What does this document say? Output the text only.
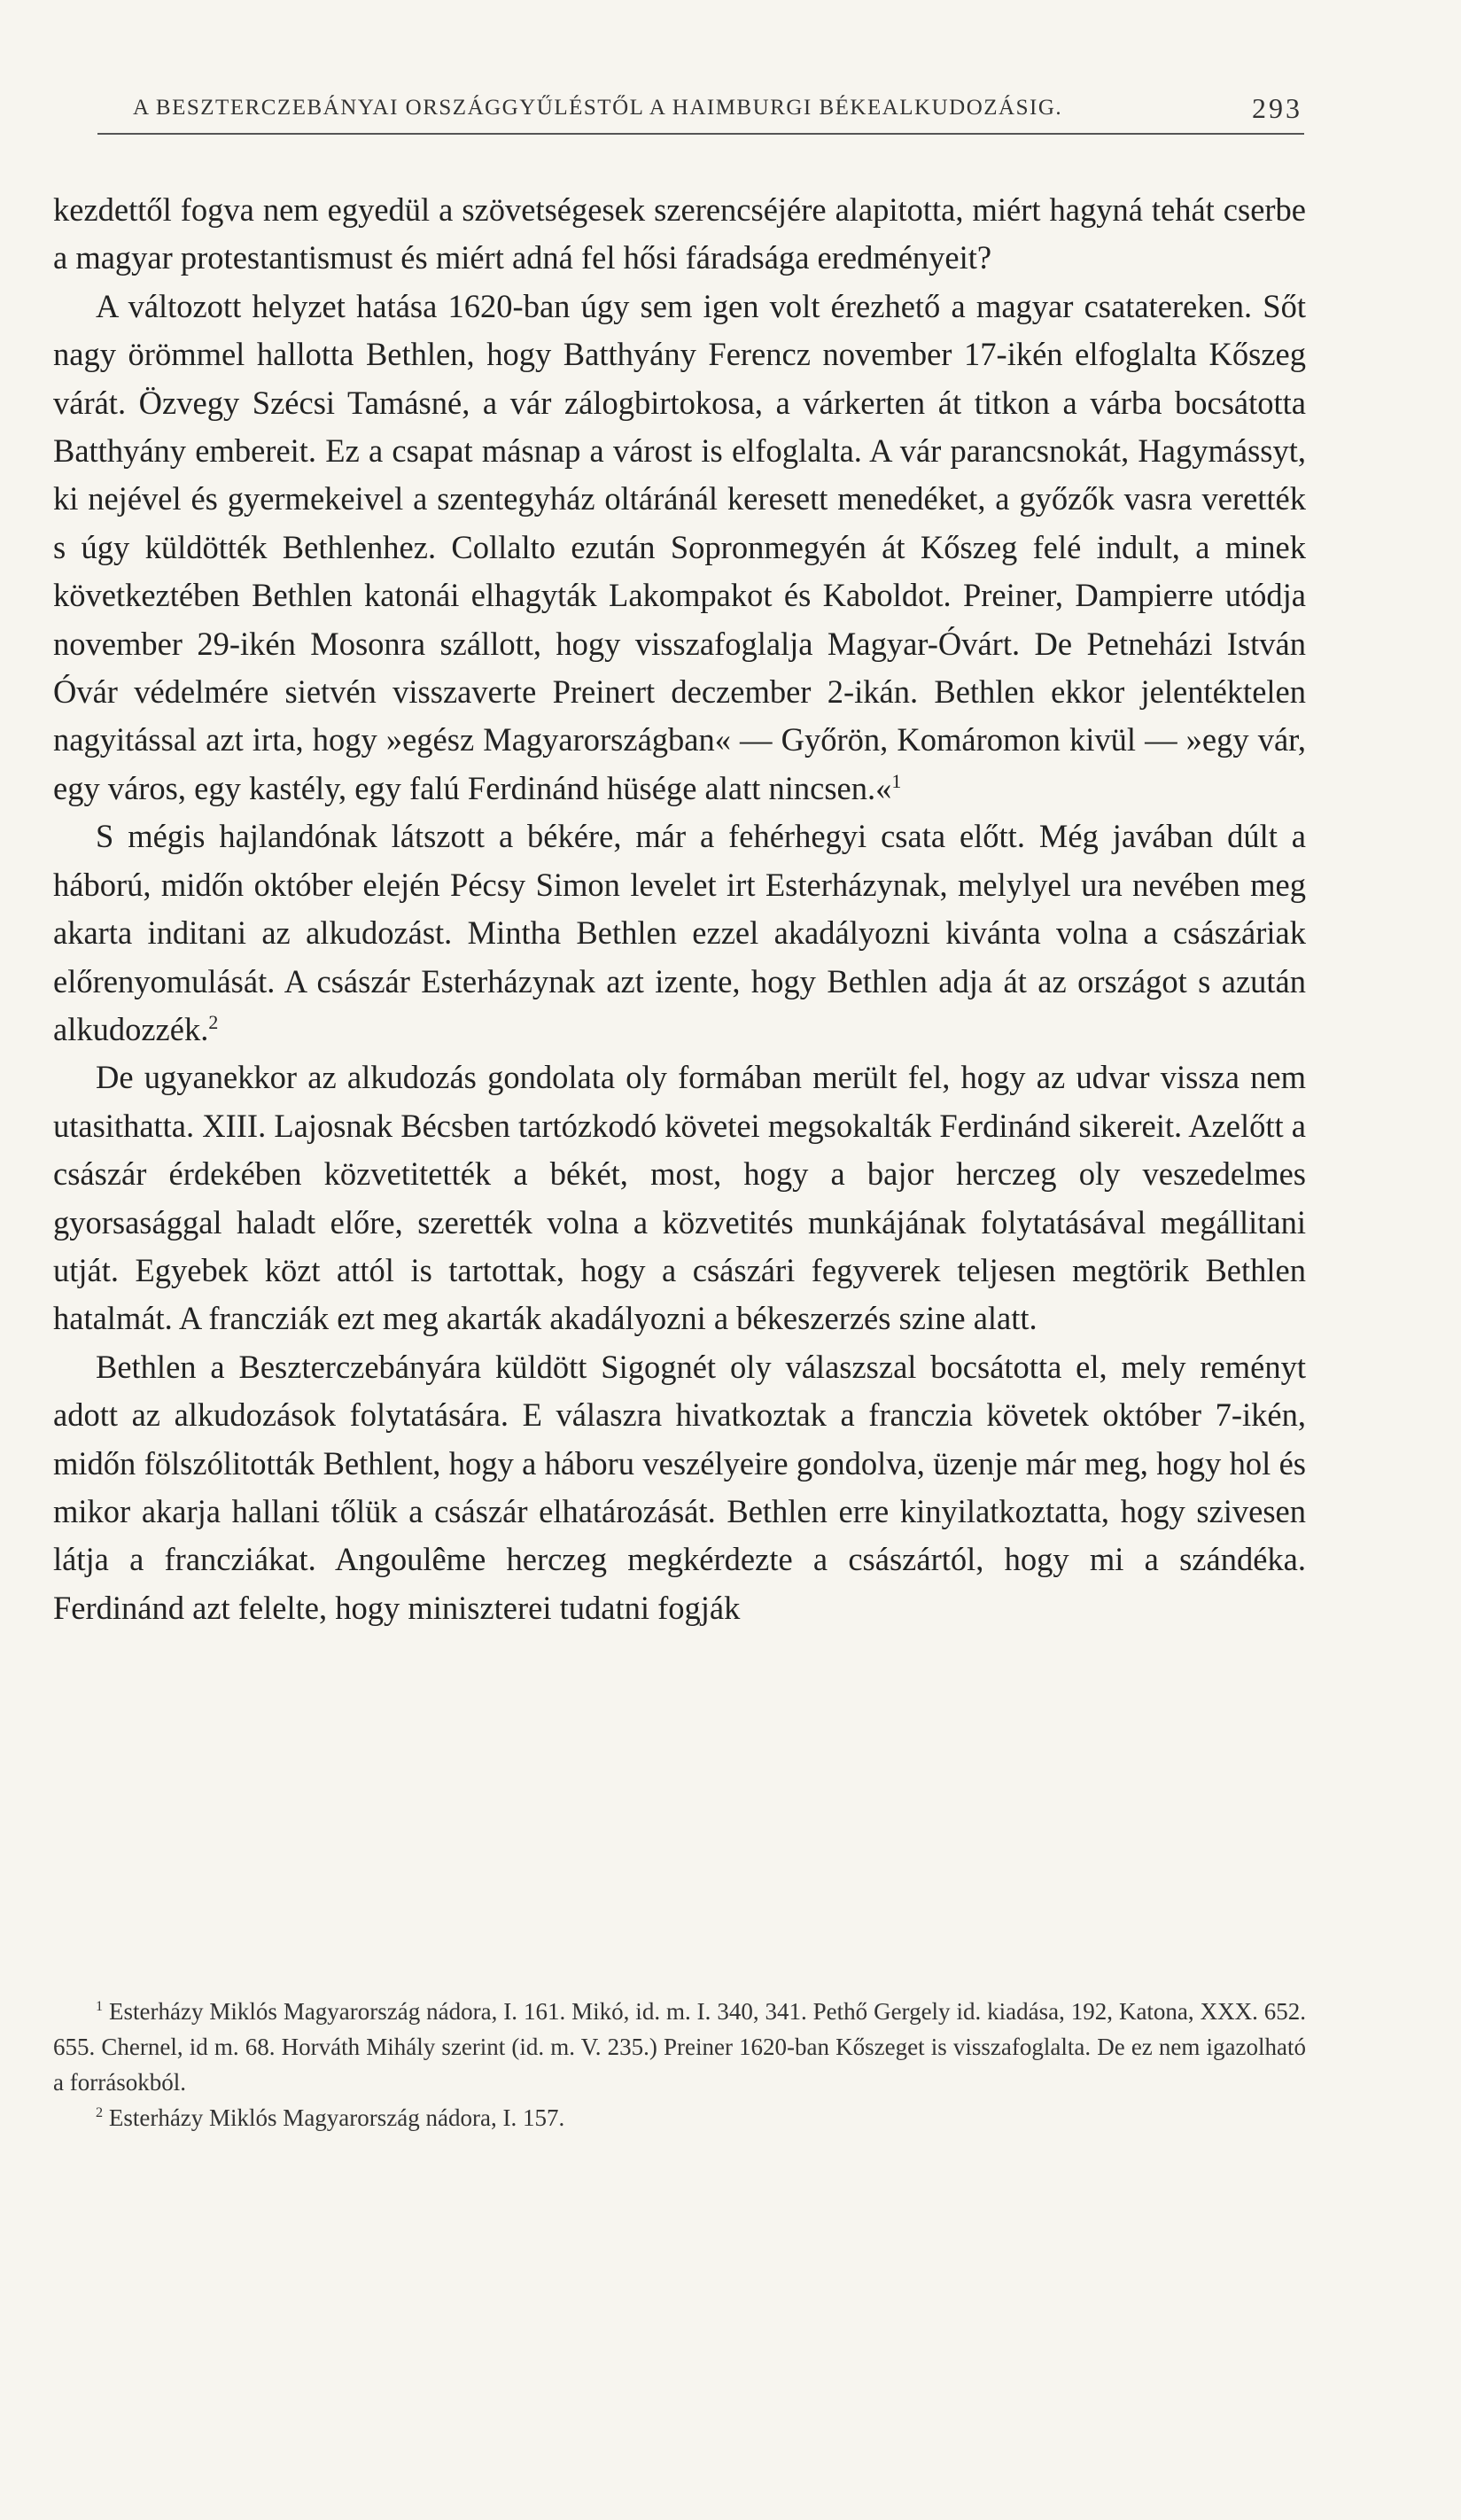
A BESZTERCZEBÁNYAI ORSZÁGGYŰLÉSTŐL A HAIMBURGI BÉKEALKUDOZÁSIG.	293

kezdettől fogva nem egyedül a szövetségesek szerencséjére alapitotta, miért hagyná tehát cserbe a magyar protestantismust és miért adná fel hősi fáradsága eredményeit?

A változott helyzet hatása 1620-ban úgy sem igen volt érezhető a magyar csatatereken. Sőt nagy örömmel hallotta Bethlen, hogy Batthyány Ferencz november 17-ikén elfoglalta Kőszeg várát. Özvegy Szécsi Tamásné, a vár zálogbirtokosa, a várkerten át titkon a várba bocsátotta Batthyány embereit. Ez a csapat másnap a várost is elfoglalta. A vár parancsnokát, Hagymássyt, ki nejével és gyermekeivel a szentegyház oltáránál keresett menedéket, a győzők vasra verették s úgy küldötték Bethlenhez. Collalto ezután Sopronmegyén át Kőszeg felé indult, a minek következtében Bethlen katonái elhagyták Lakompakot és Kaboldot. Preiner, Dampierre utódja november 29-ikén Mosonra szállott, hogy visszafoglalja Magyar-Óvárt. De Petneházi István Óvár védelmére sietvén visszaverte Preinert deczember 2-ikán. Bethlen ekkor jelentéktelen nagyitással azt irta, hogy »egész Magyarországban« — Győrön, Komáromon kivül — »egy vár, egy város, egy kastély, egy falú Ferdinánd hüsége alatt nincsen.«$^1$

S mégis hajlandónak látszott a békére, már a fehérhegyi csata előtt. Még javában dúlt a háború, midőn október elején Pécsy Simon levelet irt Esterházynak, melylyel ura nevében meg akarta inditani az alkudozást. Mintha Bethlen ezzel akadályozni kivánta volna a császáriak előrenyomulását. A császár Esterházynak azt izente, hogy Bethlen adja át az országot s azután alkudozzék.$^2$

De ugyanekkor az alkudozás gondolata oly formában merült fel, hogy az udvar vissza nem utasithatta. XIII. Lajosnak Bécsben tartózkodó követei megsokalták Ferdinánd sikereit. Azelőtt a császár érdekében közvetitették a békét, most, hogy a bajor herczeg oly veszedelmes gyorsasággal haladt előre, szerették volna a közvetités munkájának folytatásával megállitani utját. Egyebek közt attól is tartottak, hogy a császári fegyverek teljesen megtörik Bethlen hatalmát. A francziák ezt meg akarták akadályozni a békeszerzés szine alatt.

Bethlen a Beszterczebányára küldött Sigognét oly válaszszal bocsátotta el, mely reményt adott az alkudozások folytatására. E válaszra hivatkoztak a franczia követek október 7-ikén, midőn fölszólitották Bethlent, hogy a háboru veszélyeire gondolva, üzenje már meg, hogy hol és mikor akarja hallani tőlük a császár elhatározását. Bethlen erre kinyilatkoztatta, hogy szivesen látja a francziákat. Angoulême herczeg megkérdezte a császártól, hogy mi a szándéka. Ferdinánd azt felelte, hogy miniszterei tudatni fogják

$^1$ Esterházy Miklós Magyarország nádora, I. 161. Mikó, id. m. I. 340, 341. Pethő Gergely id. kiadása, 192, Katona, XXX. 652. 655. Chernel, id m. 68. Horváth Mihály szerint (id. m. V. 235.) Preiner 1620-ban Kőszeget is visszafoglalta. De ez nem igazolható a forrásokból.

$^2$ Esterházy Miklós Magyarország nádora, I. 157.
